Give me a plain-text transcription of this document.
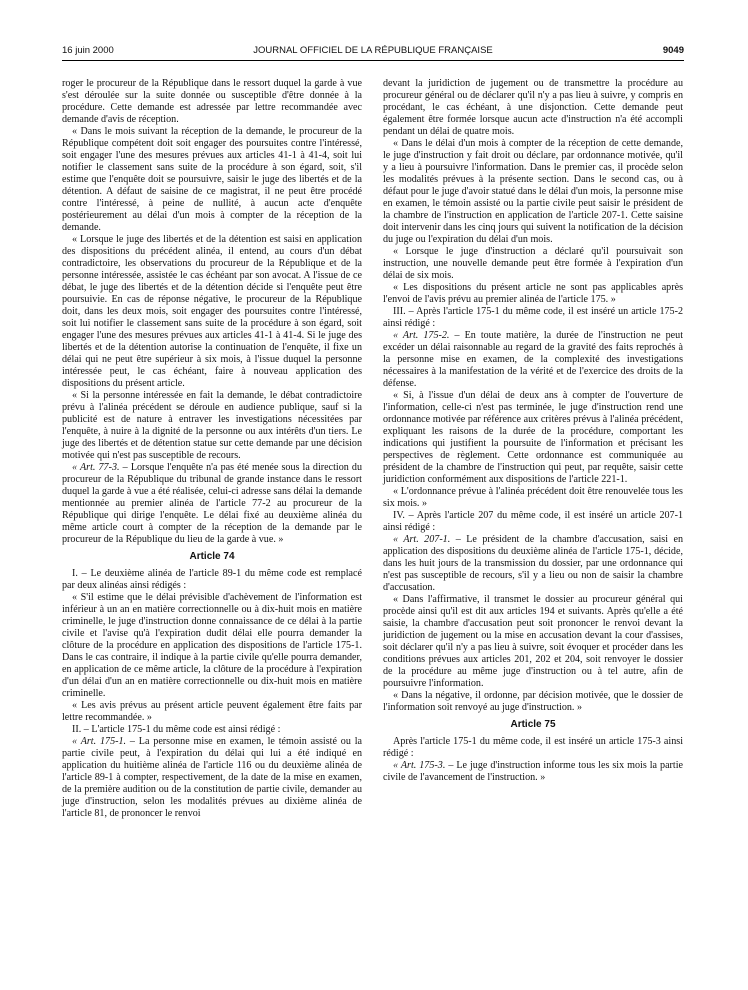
16 juin 2000	JOURNAL OFFICIEL DE LA RÉPUBLIQUE FRANÇAISE	9049

roger le procureur de la République dans le ressort duquel la garde à vue s'est déroulée sur la suite donnée ou susceptible d'être donnée à la procédure. Cette demande est adressée par lettre recommandée avec demande d'avis de réception.

« Dans le mois suivant la réception de la demande, le procureur de la République compétent doit soit engager des poursuites contre l'intéressé, soit engager l'une des mesures prévues aux articles 41-1 à 41-4, soit lui notifier le classement sans suite de la procédure à son égard, soit, s'il estime que l'enquête doit se poursuivre, saisir le juge des libertés et de la détention. A défaut de saisine de ce magistrat, il ne peut être procédé contre l'intéressé, à peine de nullité, à aucun acte d'enquête postérieurement au délai d'un mois à compter de la réception de la demande.

« Lorsque le juge des libertés et de la détention est saisi en application des dispositions du précédent alinéa, il entend, au cours d'un débat contradictoire, les observations du procureur de la République et de la personne intéressée, assistée le cas échéant par son avocat. A l'issue de ce débat, le juge des libertés et de la détention décide si l'enquête peut être poursuivie. En cas de réponse négative, le procureur de la République doit, dans les deux mois, soit engager des poursuites contre l'intéressé, soit lui notifier le classement sans suite de la procédure à son égard, soit engager l'une des mesures prévues aux articles 41-1 à 41-4. Si le juge des libertés et de la détention autorise la continuation de l'enquête, il fixe un délai qui ne peut être supérieur à six mois, à l'issue duquel la personne intéressée peut, le cas échéant, faire à nouveau application des dispositions du présent article.

« Si la personne intéressée en fait la demande, le débat contradictoire prévu à l'alinéa précédent se déroule en audience publique, sauf si la publicité est de nature à entraver les investigations nécessitées par l'enquête, à nuire à la dignité de la personne ou aux intérêts d'un tiers. Le juge des libertés et de détention statue sur cette demande par une décision motivée qui n'est pas susceptible de recours.

« Art. 77-3. – Lorsque l'enquête n'a pas été menée sous la direction du procureur de la République du tribunal de grande instance dans le ressort duquel la garde à vue a été réalisée, celui-ci adresse sans délai la demande mentionnée au premier alinéa de l'article 77-2 au procureur de la République qui dirige l'enquête. Le délai fixé au deuxième alinéa du même article court à compter de la réception de la demande par le procureur de la République du lieu de la garde à vue. »

Article 74

I. – Le deuxième alinéa de l'article 89-1 du même code est remplacé par deux alinéas ainsi rédigés :

« S'il estime que le délai prévisible d'achèvement de l'information est inférieur à un an en matière correctionnelle ou à dix-huit mois en matière criminelle, le juge d'instruction donne connaissance de ce délai à la partie civile et l'avise qu'à l'expiration dudit délai elle pourra demander la clôture de la procédure en application des dispositions de l'article 175-1. Dans le cas contraire, il indique à la partie civile qu'elle pourra demander, en application de ce même article, la clôture de la procédure à l'expiration d'un délai d'un an en matière correctionnelle ou dix-huit mois en matière criminelle.

« Les avis prévus au présent article peuvent également être faits par lettre recommandée. »

II. – L'article 175-1 du même code est ainsi rédigé :

« Art. 175-1. – La personne mise en examen, le témoin assisté ou la partie civile peut, à l'expiration du délai qui lui a été indiqué en application du huitième alinéa de l'article 116 ou du deuxième alinéa de l'article 89-1 à compter, respectivement, de la date de la mise en examen, de la première audition ou de la constitution de partie civile, demander au juge d'instruction, selon les modalités prévues au dixième alinéa de l'article 81, de prononcer le renvoi

devant la juridiction de jugement ou de transmettre la procédure au procureur général ou de déclarer qu'il n'y a pas lieu à suivre, y compris en procédant, le cas échéant, à une disjonction. Cette demande peut également être formée lorsque aucun acte d'instruction n'a été accompli pendant un délai de quatre mois.

« Dans le délai d'un mois à compter de la réception de cette demande, le juge d'instruction y fait droit ou déclare, par ordonnance motivée, qu'il y a lieu à poursuivre l'information. Dans le premier cas, il procède selon les modalités prévues à la présente section. Dans le second cas, ou à défaut pour le juge d'avoir statué dans le délai d'un mois, la personne mise en examen, le témoin assisté ou la partie civile peut saisir le président de la chambre de l'instruction en application de l'article 207-1. Cette saisine doit intervenir dans les cinq jours qui suivent la notification de la décision du juge ou l'expiration du délai d'un mois.

« Lorsque le juge d'instruction a déclaré qu'il poursuivait son instruction, une nouvelle demande peut être formée à l'expiration d'un délai de six mois.

« Les dispositions du présent article ne sont pas applicables après l'envoi de l'avis prévu au premier alinéa de l'article 175. »

III. – Après l'article 175-1 du même code, il est inséré un article 175-2 ainsi rédigé :

« Art. 175-2. – En toute matière, la durée de l'instruction ne peut excéder un délai raisonnable au regard de la gravité des faits reprochés à la personne mise en examen, de la complexité des investigations nécessaires à la manifestation de la vérité et de l'exercice des droits de la défense.

« Si, à l'issue d'un délai de deux ans à compter de l'ouverture de l'information, celle-ci n'est pas terminée, le juge d'instruction rend une ordonnance motivée par référence aux critères prévus à l'alinéa précédent, expliquant les raisons de la durée de la procédure, comportant les indications qui justifient la poursuite de l'information et précisant les perspectives de règlement. Cette ordonnance est communiquée au président de la chambre de l'instruction qui peut, par requête, saisir cette juridiction conformément aux dispositions de l'article 221-1.

« L'ordonnance prévue à l'alinéa précédent doit être renouvelée tous les six mois. »

IV. – Après l'article 207 du même code, il est inséré un article 207-1 ainsi rédigé :

« Art. 207-1. – Le président de la chambre d'accusation, saisi en application des dispositions du deuxième alinéa de l'article 175-1, décide, dans les huit jours de la transmission du dossier, par une ordonnance qui n'est pas susceptible de recours, s'il y a lieu ou non de saisir la chambre d'accusation.

« Dans l'affirmative, il transmet le dossier au procureur général qui procède ainsi qu'il est dit aux articles 194 et suivants. Après qu'elle a été saisie, la chambre d'accusation peut soit prononcer le renvoi devant la juridiction de jugement ou la mise en accusation devant la cour d'assises, soit déclarer qu'il n'y a pas lieu à suivre, soit évoquer et procéder dans les conditions prévues aux articles 201, 202 et 204, soit renvoyer le dossier de la procédure au même juge d'instruction ou à tel autre, afin de poursuivre l'information.

« Dans la négative, il ordonne, par décision motivée, que le dossier de l'information soit renvoyé au juge d'instruction. »

Article 75

Après l'article 175-1 du même code, il est inséré un article 175-3 ainsi rédigé :

« Art. 175-3. – Le juge d'instruction informe tous les six mois la partie civile de l'avancement de l'instruction. »
